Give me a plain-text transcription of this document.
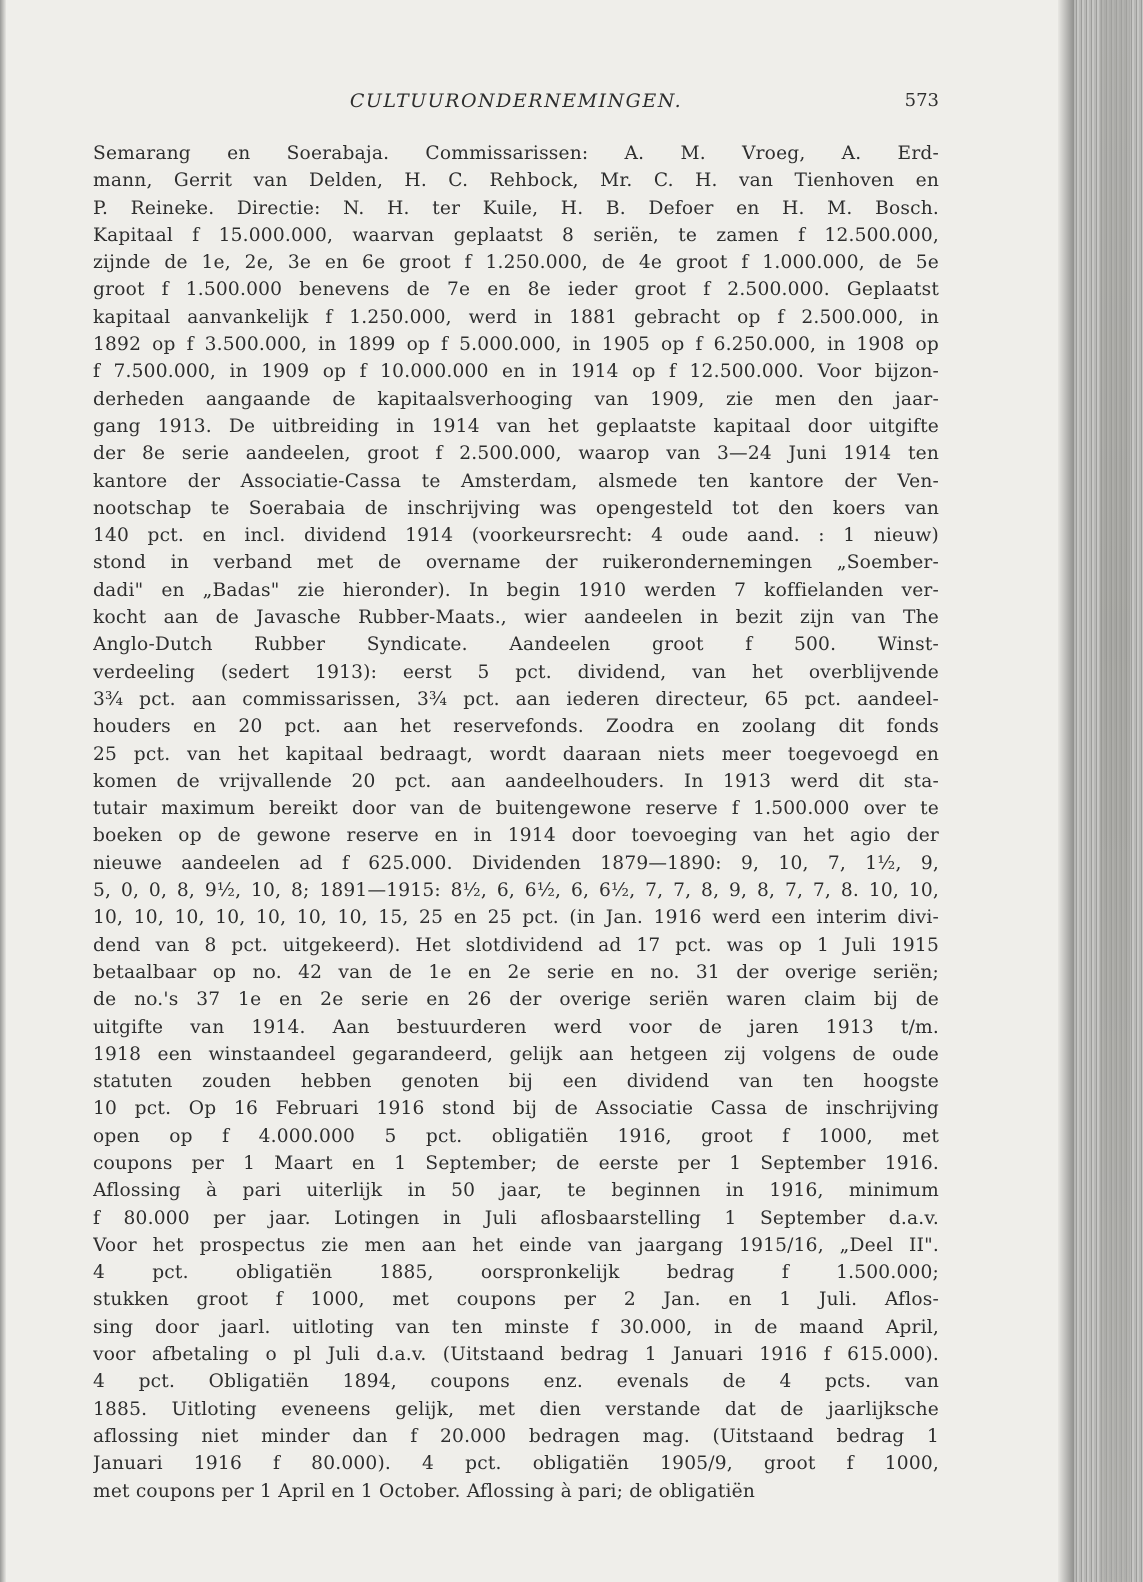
CULTUURONDERNEMINGEN.	573
Semarang en Soerabaja. Commissarissen: A. M. Vroeg, A. Erd-
mann, Gerrit van Delden, H. C. Rehbock, Mr. C. H. van Tienhoven en
P. Reineke. Directie: N. H. ter Kuile, H. B. Defoer en H. M. Bosch.
Kapitaal f 15.000.000, waarvan geplaatst 8 seriën, te zamen f 12.500.000,
zijnde de 1e, 2e, 3e en 6e groot f 1.250.000, de 4e groot f 1.000.000, de 5e
groot f 1.500.000 benevens de 7e en 8e ieder groot f 2.500.000. Geplaatst
kapitaal aanvankelijk f 1.250.000, werd in 1881 gebracht op f 2.500.000, in
1892 op f 3.500.000, in 1899 op f 5.000.000, in 1905 op f 6.250.000, in 1908 op
f 7.500.000, in 1909 op f 10.000.000 en in 1914 op f 12.500.000. Voor bijzon-
derheden aangaande de kapitaalsverhooging van 1909, zie men den jaar-
gang 1913. De uitbreiding in 1914 van het geplaatste kapitaal door uitgifte
der 8e serie aandeelen, groot f 2.500.000, waarop van 3—24 Juni 1914 ten
kantore der Associatie-Cassa te Amsterdam, alsmede ten kantore der Ven-
nootschap te Soerabaia de inschrijving was opengesteld tot den koers van
140 pct. en incl. dividend 1914 (voorkeursrecht: 4 oude aand. : 1 nieuw)
stond in verband met de overname der ruikerondernemingen „Soember-
dadi" en „Badas" zie hieronder). In begin 1910 werden 7 koffielanden ver-
kocht aan de Javasche Rubber-Maats., wier aandeelen in bezit zijn van The
Anglo-Dutch Rubber Syndicate. Aandeelen groot f 500. Winst-
verdeeling (sedert 1913): eerst 5 pct. dividend, van het overblijvende
3¾ pct. aan commissarissen, 3¾ pct. aan iederen directeur, 65 pct. aandeel-
houders en 20 pct. aan het reservefonds. Zoodra en zoolang dit fonds
25 pct. van het kapitaal bedraagt, wordt daaraan niets meer toegevoegd en
komen de vrijvallende 20 pct. aan aandeelhouders. In 1913 werd dit sta-
tutair maximum bereikt door van de buitengewone reserve f 1.500.000 over te
boeken op de gewone reserve en in 1914 door toevoeging van het agio der
nieuwe aandeelen ad f 625.000. Dividenden 1879—1890: 9, 10, 7, 1½, 9,
5, 0, 0, 8, 9½, 10, 8; 1891—1915: 8½, 6, 6½, 6, 6½, 7, 7, 8, 9, 8, 7, 7, 8. 10, 10,
10, 10, 10, 10, 10, 10, 10, 15, 25 en 25 pct. (in Jan. 1916 werd een interim divi-
dend van 8 pct. uitgekeerd). Het slotdividend ad 17 pct. was op 1 Juli 1915
betaalbaar op no. 42 van de 1e en 2e serie en no. 31 der overige seriën;
de no.'s 37 1e en 2e serie en 26 der overige seriën waren claim bij de
uitgifte van 1914. Aan bestuurderen werd voor de jaren 1913 t/m.
1918 een winstaandeel gegarandeerd, gelijk aan hetgeen zij volgens de oude
statuten zouden hebben genoten bij een dividend van ten hoogste
10 pct. Op 16 Februari 1916 stond bij de Associatie Cassa de inschrijving
open op f 4.000.000 5 pct. obligatiën 1916, groot f 1000, met
coupons per 1 Maart en 1 September; de eerste per 1 September 1916.
Aflossing à pari uiterlijk in 50 jaar, te beginnen in 1916, minimum
f 80.000 per jaar. Lotingen in Juli aflosbaarstelling 1 September d.a.v.
Voor het prospectus zie men aan het einde van jaargang 1915/16, „Deel II".
4 pct. obligatiën 1885, oorspronkelijk bedrag f 1.500.000;
stukken groot f 1000, met coupons per 2 Jan. en 1 Juli. Aflos-
sing door jaarl. uitloting van ten minste f 30.000, in de maand April,
voor afbetaling o pl Juli d.a.v. (Uitstaand bedrag 1 Januari 1916 f 615.000).
4 pct. Obligatiën 1894, coupons enz. evenals de 4 pcts. van
1885. Uitloting eveneens gelijk, met dien verstande dat de jaarlijksche
aflossing niet minder dan f 20.000 bedragen mag. (Uitstaand bedrag 1
Januari 1916 f 80.000). 4 pct. obligatiën 1905/9, groot f 1000,
met coupons per 1 April en 1 October. Aflossing à pari; de obligatiën
